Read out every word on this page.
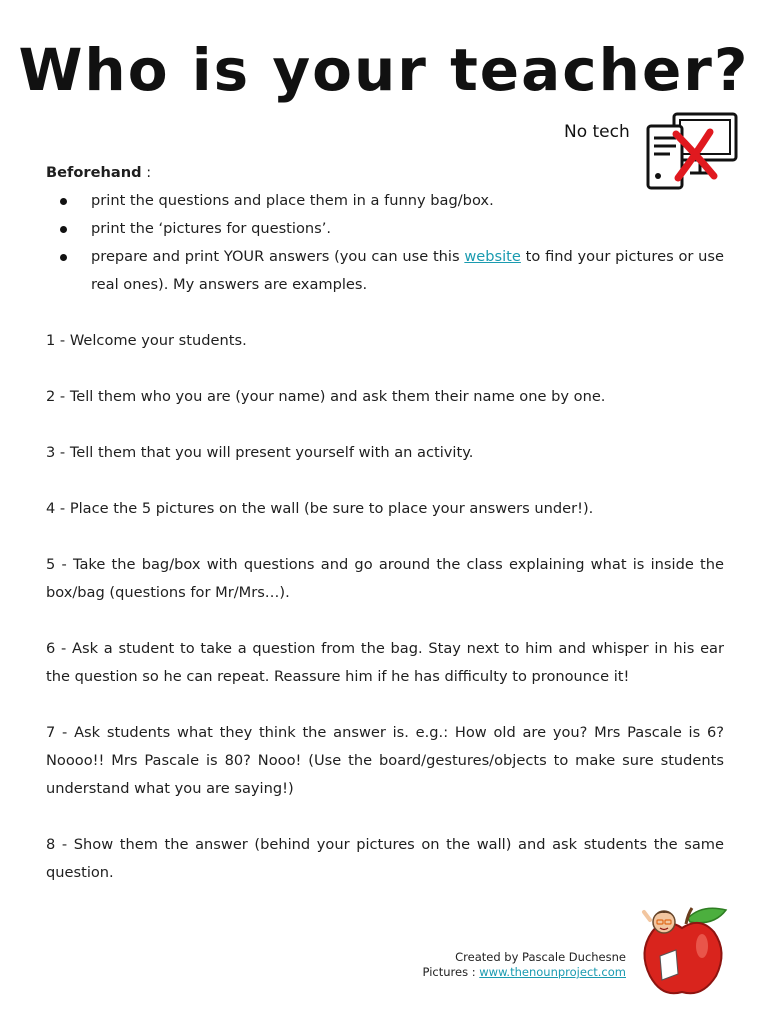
Who is your teacher?
No tech

Beforehand :

print the questions and place them in a funny bag/box.
print the ‘pictures for questions’.
prepare and print YOUR answers (you can use this website to find your pictures or use real ones). My answers are examples.

1 - Welcome your students.

2 - Tell them who you are (your name) and ask them their name one by one.

3 - Tell them that you will present yourself with an activity.

4 - Place the 5 pictures on the wall (be sure to place your answers under!).

5 - Take the bag/box with questions and go around the class explaining what is inside the box/bag (questions for Mr/Mrs…).

6 - Ask a student to take a question from the bag. Stay next to him and whisper in his ear the question so he can repeat. Reassure him if he has difficulty to pronounce it!

7 - Ask students what they think the answer is. e.g.: How old are you? Mrs Pascale is 6? Noooo!! Mrs Pascale is 80? Nooo! (Use the board/gestures/objects to make sure students understand what you are saying!)

8 - Show them the answer (behind your pictures on the wall) and ask students the same question.

Created by Pascale Duchesne
Pictures : www.thenounproject.com
